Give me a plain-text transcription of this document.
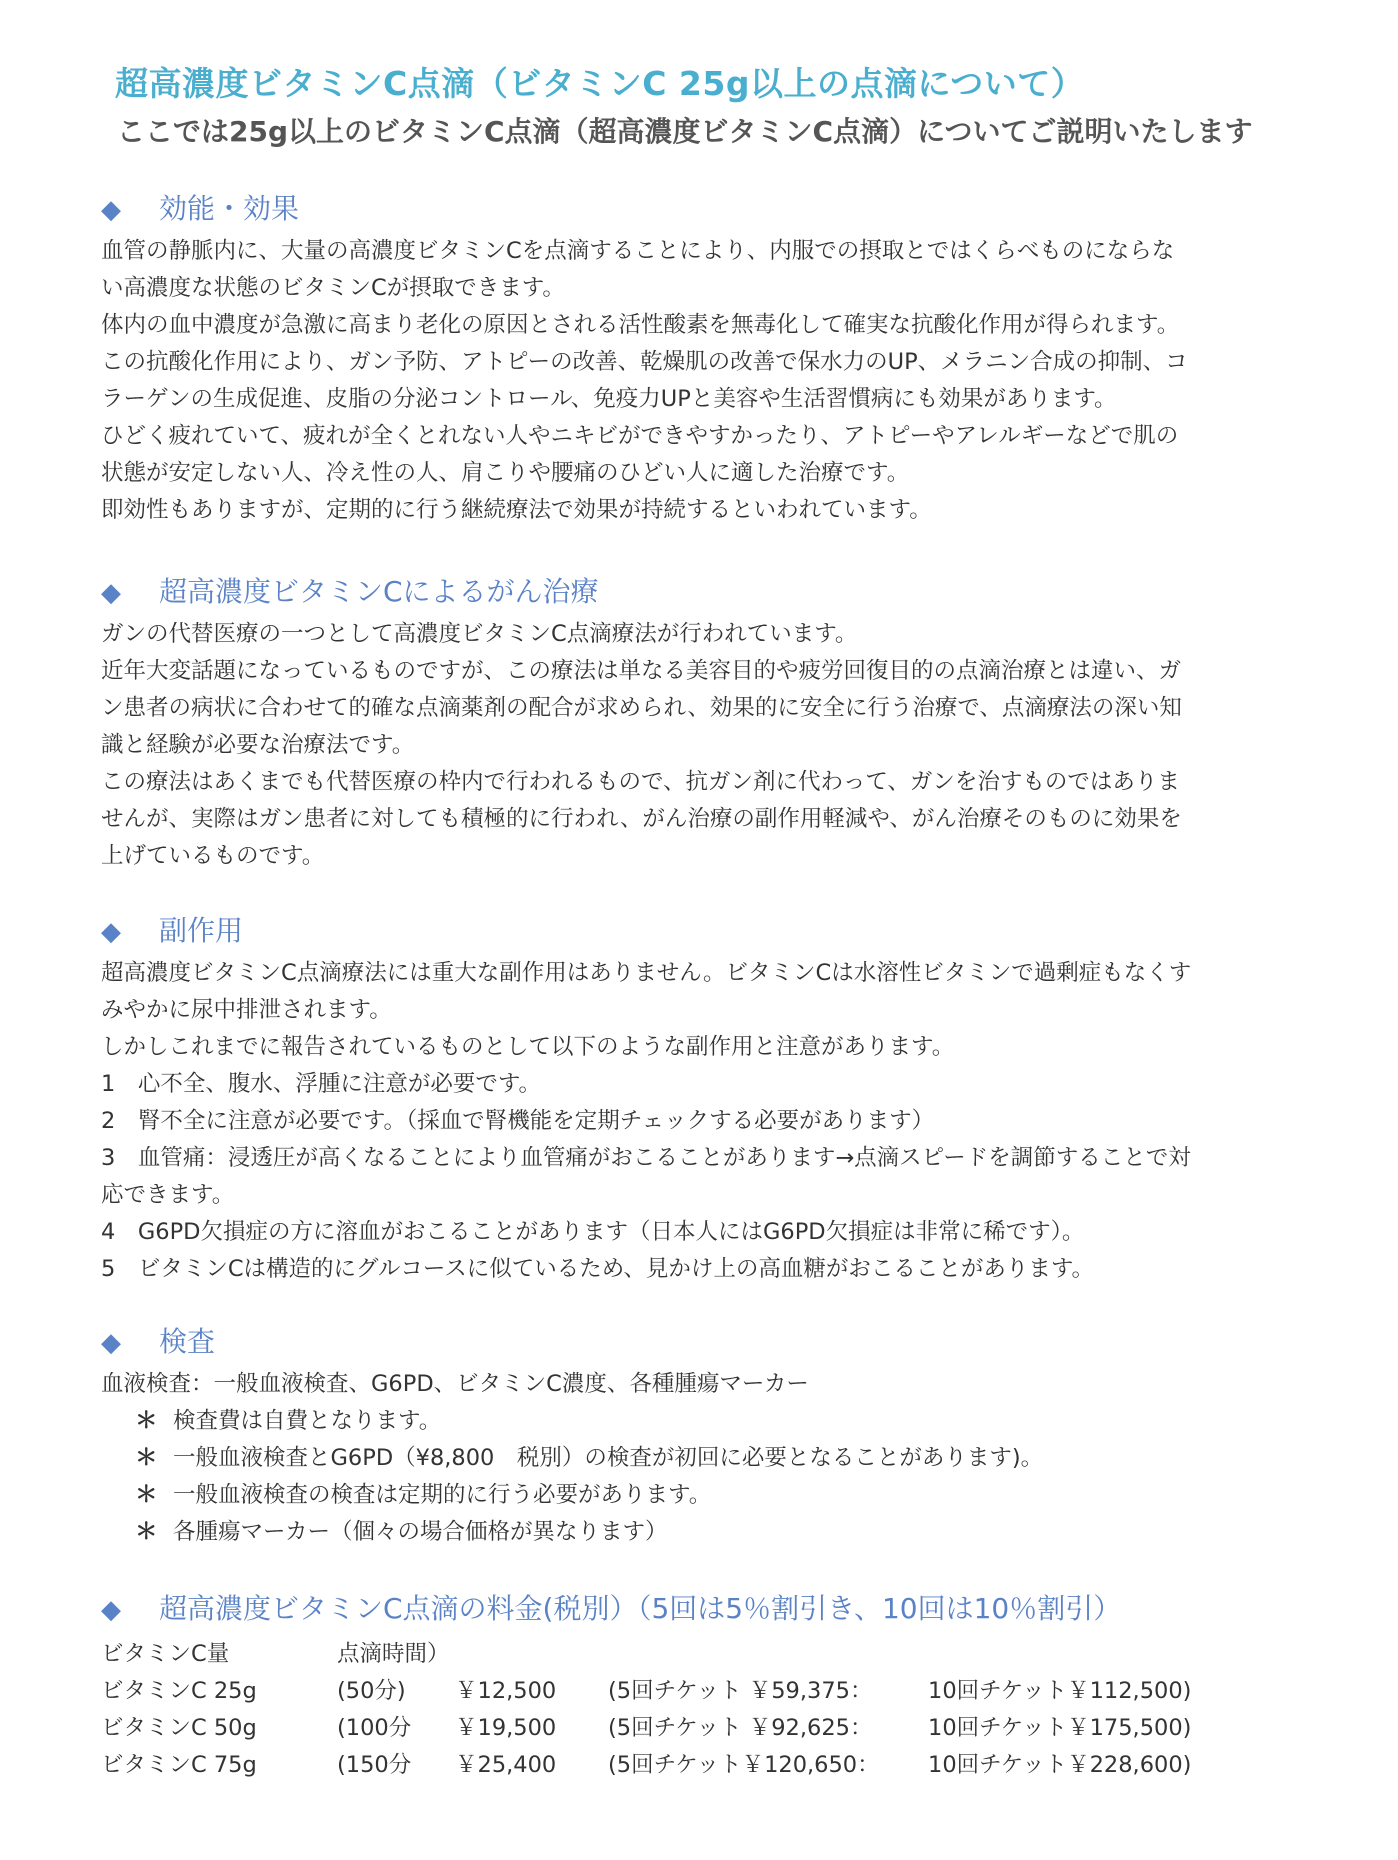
超高濃度ビタミンC点滴（ビタミンC 25g以上の点滴について）
ここでは25g以上のビタミンC点滴（超高濃度ビタミンC点滴）についてご説明いたします
◆ 効能・効果
血管の静脈内に、大量の高濃度ビタミンCを点滴することにより、内服での摂取とではくらべものにならな
い高濃度な状態のビタミンCが摂取できます。
体内の血中濃度が急激に高まり老化の原因とされる活性酸素を無毒化して確実な抗酸化作用が得られます。
この抗酸化作用により、ガン予防、アトピーの改善、乾燥肌の改善で保水力のUP、メラニン合成の抑制、コ
ラーゲンの生成促進、皮脂の分泌コントロール、免疫力UPと美容や生活習慣病にも効果があります。
ひどく疲れていて、疲れが全くとれない人やニキビができやすかったり、アトピーやアレルギーなどで肌の
状態が安定しない人、冷え性の人、肩こりや腰痛のひどい人に適した治療です。
即効性もありますが、定期的に行う継続療法で効果が持続するといわれています。
◆ 超高濃度ビタミンCによるがん治療
ガンの代替医療の一つとして高濃度ビタミンC点滴療法が行われています。
近年大変話題になっているものですが、この療法は単なる美容目的や疲労回復目的の点滴治療とは違い、ガ
ン患者の病状に合わせて的確な点滴薬剤の配合が求められ、効果的に安全に行う治療で、点滴療法の深い知
識と経験が必要な治療法です。
この療法はあくまでも代替医療の枠内で行われるもので、抗ガン剤に代わって、ガンを治すものではありま
せんが、実際はガン患者に対しても積極的に行われ、がん治療の副作用軽減や、がん治療そのものに効果を
上げているものです。
◆ 副作用
超高濃度ビタミンC点滴療法には重大な副作用はありません。ビタミンCは水溶性ビタミンで過剰症もなくす
みやかに尿中排泄されます。
しかしこれまでに報告されているものとして以下のような副作用と注意があります。
1　心不全、腹水、浮腫に注意が必要です。
2　腎不全に注意が必要です。（採血で腎機能を定期チェックする必要があります）
3　血管痛：浸透圧が高くなることにより血管痛がおこることがあります→点滴スピードを調節することで対
応できます。
4　G6PD欠損症の方に溶血がおこることがあります（日本人にはG6PD欠損症は非常に稀です）。
5　ビタミンCは構造的にグルコースに似ているため、見かけ上の高血糖がおこることがあります。
◆ 検査
血液検査：一般血液検査、G6PD、ビタミンC濃度、各種腫瘍マーカー
＊ 検査費は自費となります。
＊ 一般血液検査とG6PD（¥8,800　税別）の検査が初回に必要となることがあります)。
＊ 一般血液検査の検査は定期的に行う必要があります。
＊ 各腫瘍マーカー（個々の場合価格が異なります）
◆ 超高濃度ビタミンC点滴の料金(税別）（5回は5％割引き、10回は10％割引）
ビタミンC量	点滴時間）			
ビタミンC 25g	(50分)	￥12,500	(5回チケット ￥59,375：	10回チケット￥112,500)
ビタミンC 50g	(100分	￥19,500	(5回チケット ￥92,625：	10回チケット￥175,500)
ビタミンC 75g	(150分	￥25,400	(5回チケット￥120,650：	10回チケット￥228,600)
